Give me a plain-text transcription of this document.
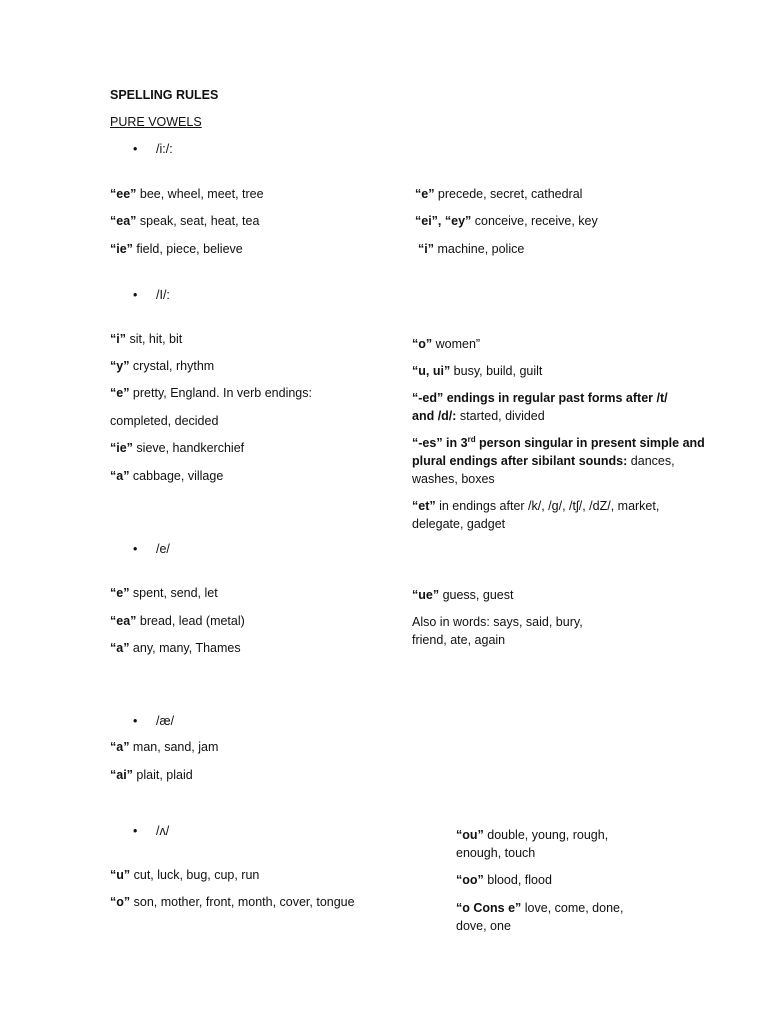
SPELLING RULES
PURE VOWELS
• /i:/:
“ee” bee, wheel, meet, tree
“ea” speak, seat, heat, tea
“ie” field, piece, believe
“e” precede, secret, cathedral
“ei”, “ey” conceive, receive, key
“i” machine, police
• /I/:
“i” sit, hit, bit
“y” crystal, rhythm
“e” pretty, England. In verb endings:
completed, decided
“ie” sieve, handkerchief
“a” cabbage, village
“o” women”
“u, ui” busy, build, guilt
“-ed” endings in regular past forms after /t/ and /d/: started, divided
“-es” in 3rd person singular in present simple and plural endings after sibilant sounds: dances, washes, boxes
“et” in endings after /k/, /g/, /tʃ/, /dZ/, market, delegate, gadget
• /e/
“e” spent, send, let
“ea” bread, lead (metal)
“a” any, many, Thames
“ue” guess, guest
Also in words: says, said, bury, friend, ate, again
• /æ/
“a” man, sand, jam
“ai” plait, plaid
• /ʌ/
“u” cut, luck, bug, cup, run
“o” son, mother, front, month, cover, tongue
“ou” double, young, rough, enough, touch
“oo” blood, flood
“o Cons e” love, come, done, dove, one
